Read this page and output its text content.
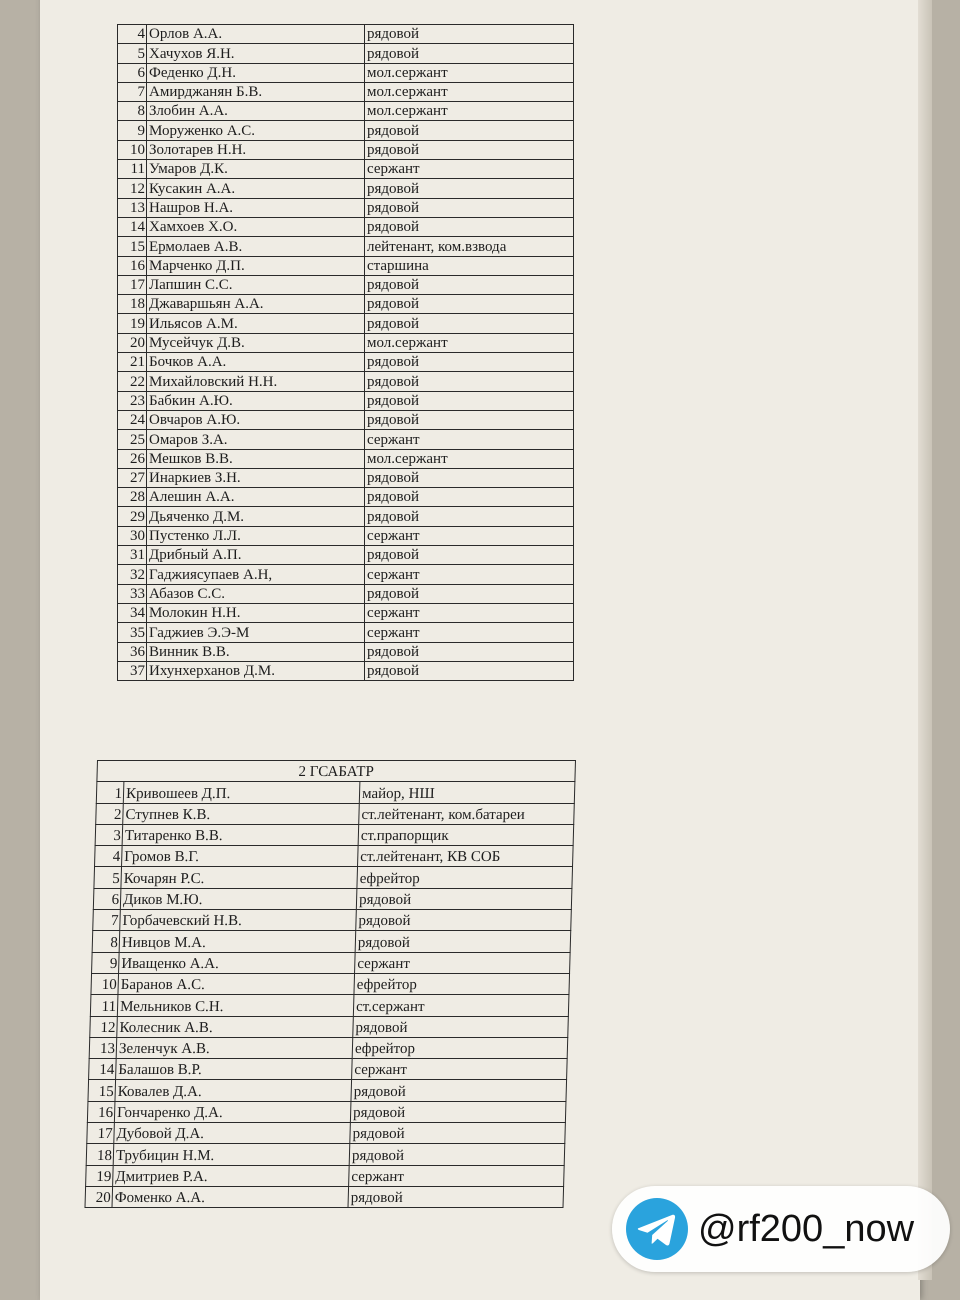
4	Орлов А.А.	рядовой
5	Хачухов Я.Н.	рядовой
6	Феденко Д.Н.	мол.сержант
7	Амирджанян Б.В.	мол.сержант
8	Злобин А.А.	мол.сержант
9	Моруженко А.С.	рядовой
10	Золотарев Н.Н.	рядовой
11	Умаров Д.К.	сержант
12	Кусакин А.А.	рядовой
13	Нашров Н.А.	рядовой
14	Хамхоев Х.О.	рядовой
15	Ермолаев А.В.	лейтенант, ком.взвода
16	Марченко Д.П.	старшина
17	Лапшин С.С.	рядовой
18	Джаваршьян А.А.	рядовой
19	Ильясов А.М.	рядовой
20	Мусейчук Д.В.	мол.сержант
21	Бочков А.А.	рядовой
22	Михайловский Н.Н.	рядовой
23	Бабкин А.Ю.	рядовой
24	Овчаров А.Ю.	рядовой
25	Омаров З.А.	сержант
26	Мешков В.В.	мол.сержант
27	Инаркиев З.Н.	рядовой
28	Алешин А.А.	рядовой
29	Дьяченко Д.М.	рядовой
30	Пустенко Л.Л.	сержант
31	Дрибный А.П.	рядовой
32	Гаджиясупаев А.Н,	сержант
33	Абазов С.С.	рядовой
34	Молокин Н.Н.	сержант
35	Гаджиев Э.Э-М	сержант
36	Винник В.В.	рядовой
37	Ихунхерханов Д.М.	рядовой
2 ГСАБАТР		
1	Кривошеев Д.П.	майор, НШ
2	Ступнев К.В.	ст.лейтенант, ком.батареи
3	Титаренко В.В.	ст.прапорщик
4	Громов В.Г.	ст.лейтенант, КВ СОБ
5	Кочарян Р.С.	ефрейтор
6	Диков М.Ю.	рядовой
7	Горбачевский Н.В.	рядовой
8	Нивцов М.А.	рядовой
9	Иващенко А.А.	сержант
10	Баранов А.С.	ефрейтор
11	Мельников С.Н.	ст.сержант
12	Колесник А.В.	рядовой
13	Зеленчук А.В.	ефрейтор
14	Балашов В.Р.	сержант
15	Ковалев Д.А.	рядовой
16	Гончаренко Д.А.	рядовой
17	Дубовой Д.А.	рядовой
18	Трубицин Н.М.	рядовой
19	Дмитриев Р.А.	сержант
20	Фоменко А.А.	рядовой
@rf200_now
